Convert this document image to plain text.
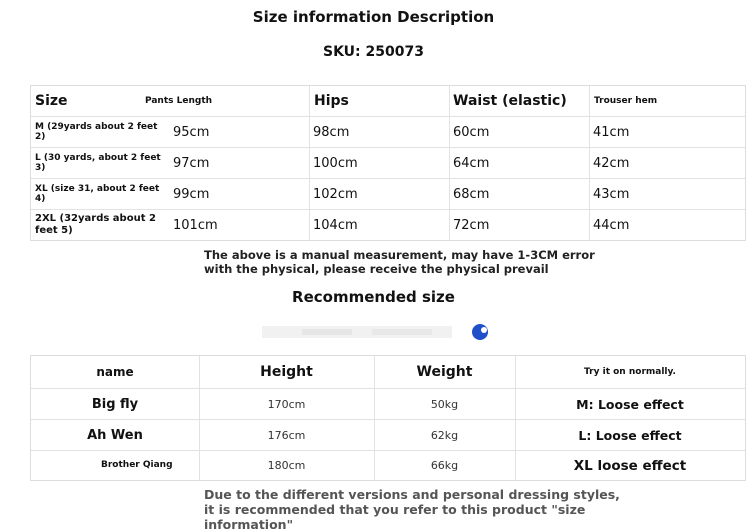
Size information Description
SKU: 250073
Size	Pants Length	Hips	Waist (elastic)	Trouser hem
M (29yards about 2 feet 2)	95cm	98cm	60cm	41cm
L (30 yards, about 2 feet 3)	97cm	100cm	64cm	42cm
XL (size 31, about 2 feet 4)	99cm	102cm	68cm	43cm
2XL (32yards about 2 feet 5)	101cm	104cm	72cm	44cm
The above is a manual measurement, may have 1-3CM error with the physical, please receive the physical prevail
Recommended size
name	Height	Weight	Try it on normally.
Big fly	170cm	50kg	M: Loose effect
Ah Wen	176cm	62kg	L: Loose effect
Brother Qiang	180cm	66kg	XL loose effect
Due to the different versions and personal dressing styles, it is recommended that you refer to this product "size information"
